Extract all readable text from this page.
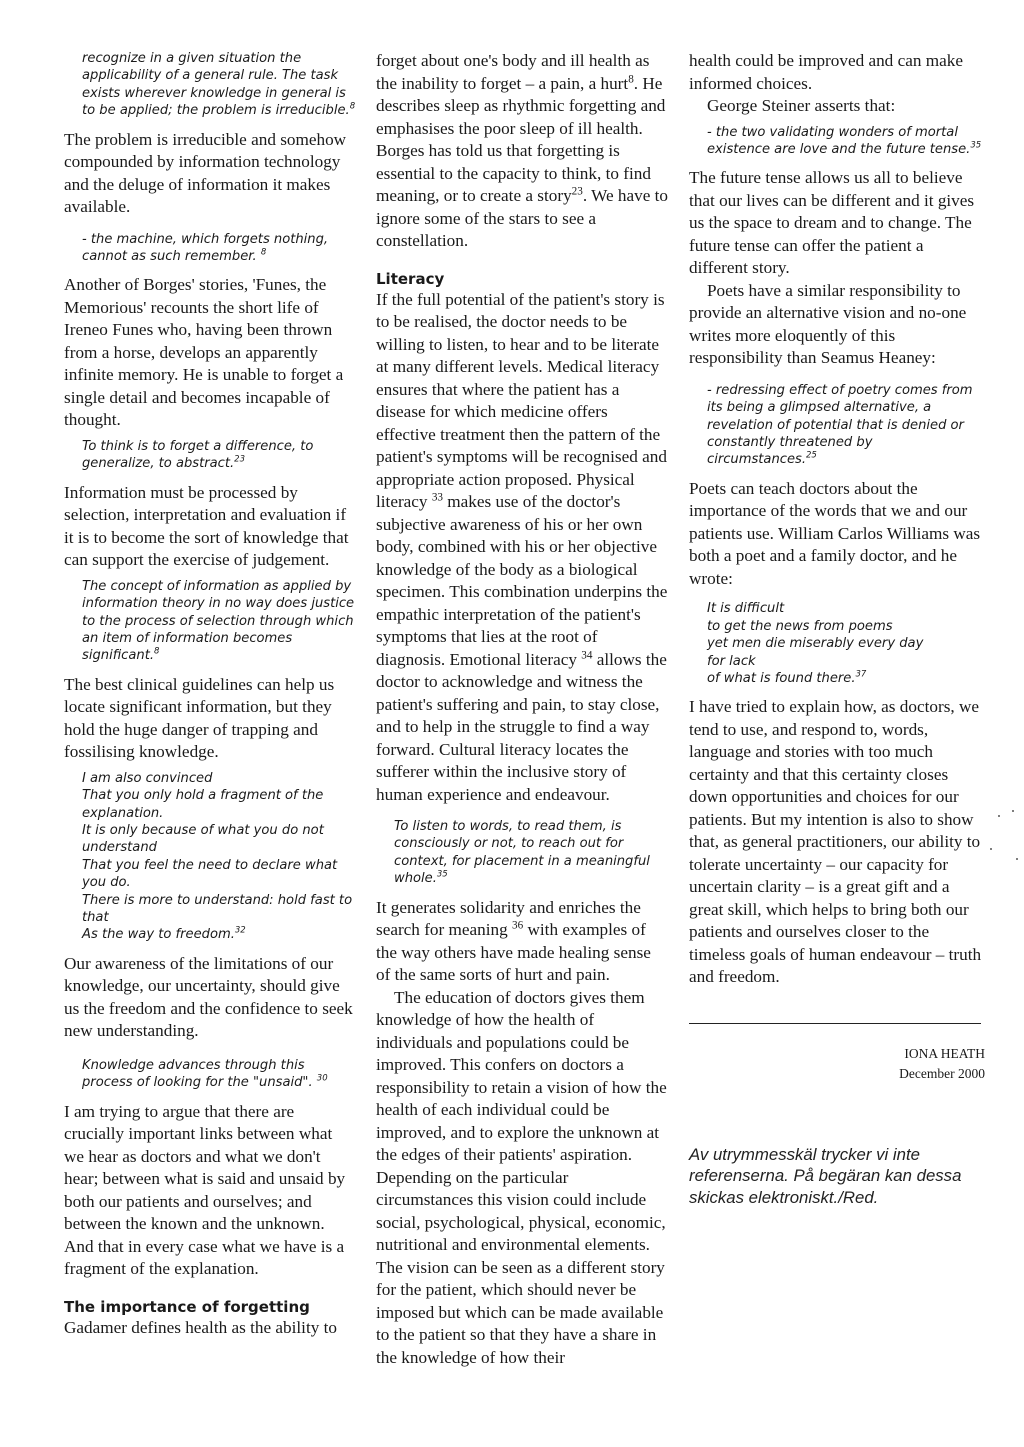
recognize in a given situation the applicability of a general rule. The task exists wherever knowledge in general is to be applied; the problem is irreducible.$^8$

The problem is irreducible and somehow compounded by information technology and the deluge of information it makes available.

- the machine, which forgets nothing, cannot as such remember. $^8$

Another of Borges' stories, 'Funes, the Memorious' recounts the short life of Ireneo Funes who, having been thrown from a horse, develops an apparently infinite memory. He is unable to forget a single detail and becomes incapable of thought.

To think is to forget a difference, to generalize, to abstract.$^{23}$

Information must be processed by selection, interpretation and evaluation if it is to become the sort of knowledge that can support the exercise of judgement.

The concept of information as applied by information theory in no way does justice to the process of selection through which an item of information becomes significant.$^8$

The best clinical guidelines can help us locate significant information, but they hold the huge danger of trapping and fossilising knowledge.

I am also convinced
That you only hold a fragment of the explanation.
It is only because of what you do not understand
That you feel the need to declare what you do.
There is more to understand: hold fast to that
As the way to freedom.$^{32}$

Our awareness of the limitations of our knowledge, our uncertainty, should give us the freedom and the confidence to seek new understanding.

Knowledge advances through this process of looking for the "unsaid". $^{30}$

I am trying to argue that there are crucially important links between what we hear as doctors and what we don't hear; between what is said and unsaid by both our patients and ourselves; and between the known and the unknown. And that in every case what we have is a fragment of the explanation.

The importance of forgetting

Gadamer defines health as the ability to

forget about one's body and ill health as the inability to forget – a pain, a hurt$^8$. He describes sleep as rhythmic forgetting and emphasises the poor sleep of ill health. Borges has told us that forgetting is essential to the capacity to think, to find meaning, or to create a story$^{23}$. We have to ignore some of the stars to see a constellation.

Literacy

If the full potential of the patient's story is to be realised, the doctor needs to be willing to listen, to hear and to be literate at many different levels. Medical literacy ensures that where the patient has a disease for which medicine offers effective treatment then the pattern of the patient's symptoms will be recognised and appropriate action proposed. Physical literacy $^{33}$ makes use of the doctor's subjective awareness of his or her own body, combined with his or her objective knowledge of the body as a biological specimen. This combination underpins the empathic interpretation of the patient's symptoms that lies at the root of diagnosis. Emotional literacy $^{34}$ allows the doctor to acknowledge and witness the patient's suffering and pain, to stay close, and to help in the struggle to find a way forward. Cultural literacy locates the sufferer within the inclusive story of human experience and endeavour.

To listen to words, to read them, is consciously or not, to reach out for context, for placement in a meaningful whole.$^{35}$

It generates solidarity and enriches the search for meaning $^{36}$ with examples of the way others have made healing sense of the same sorts of hurt and pain.

The education of doctors gives them knowledge of how the health of individuals and populations could be improved. This confers on doctors a responsibility to retain a vision of how the health of each individual could be improved, and to explore the unknown at the edges of their patients' aspiration. Depending on the particular circumstances this vision could include social, psychological, physical, economic, nutritional and environmental elements. The vision can be seen as a different story for the patient, which should never be imposed but which can be made available to the patient so that they have a share in the knowledge of how their

health could be improved and can make informed choices.

George Steiner asserts that:

- the two validating wonders of mortal existence are love and the future tense.$^{35}$

The future tense allows us all to believe that our lives can be different and it gives us the space to dream and to change. The future tense can offer the patient a different story.

Poets have a similar responsibility to provide an alternative vision and no-one writes more eloquently of this responsibility than Seamus Heaney:

- redressing effect of poetry comes from its being a glimpsed alternative, a revelation of potential that is denied or constantly threatened by circumstances.$^{25}$

Poets can teach doctors about the importance of the words that we and our patients use. William Carlos Williams was both a poet and a family doctor, and he wrote:

It is difficult
to get the news from poems
yet men die miserably every day
for lack
of what is found there.$^{37}$

I have tried to explain how, as doctors, we tend to use, and respond to, words, language and stories with too much certainty and that this certainty closes down opportunities and choices for our patients. But my intention is also to show that, as general practitioners, our ability to tolerate uncertainty – our capacity for uncertain clarity – is a great gift and a great skill, which helps to bring both our patients and ourselves closer to the timeless goals of human endeavour – truth and freedom.

IONA HEATH
December 2000
Av utrymmesskäl trycker vi inte referenserna. På begäran kan dessa skickas elektroniskt./Red.
